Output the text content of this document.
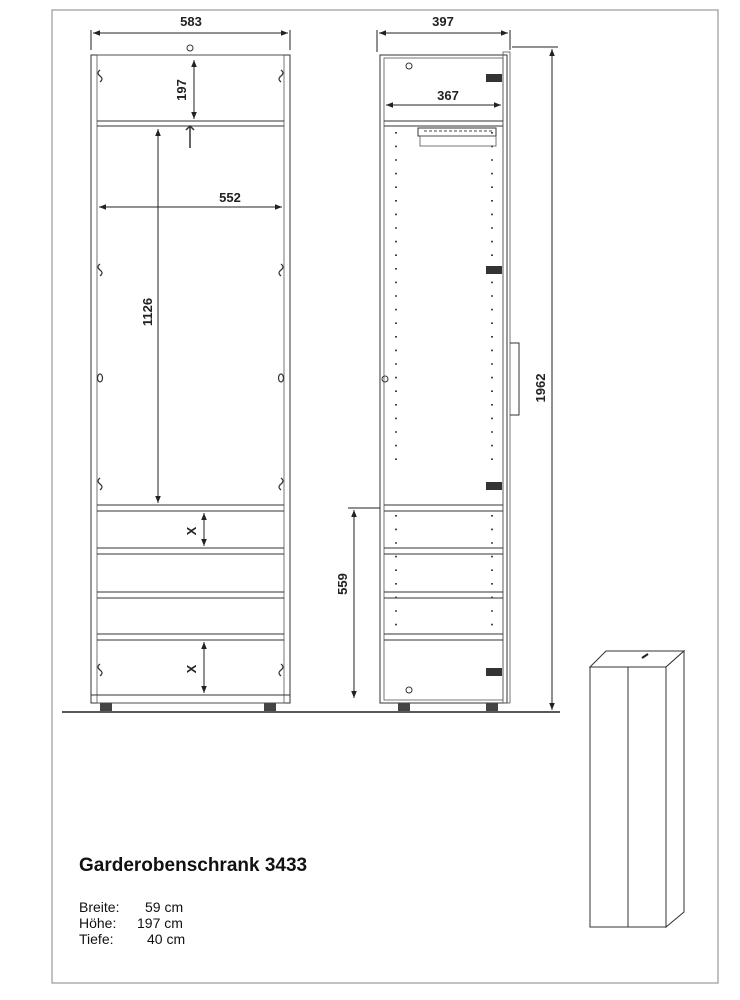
583
197
552
1126
X
X
397
367
1962
559
Garderobenschrank 3433
Breite: 59 cm
Höhe: 197 cm
Tiefe: 40 cm
